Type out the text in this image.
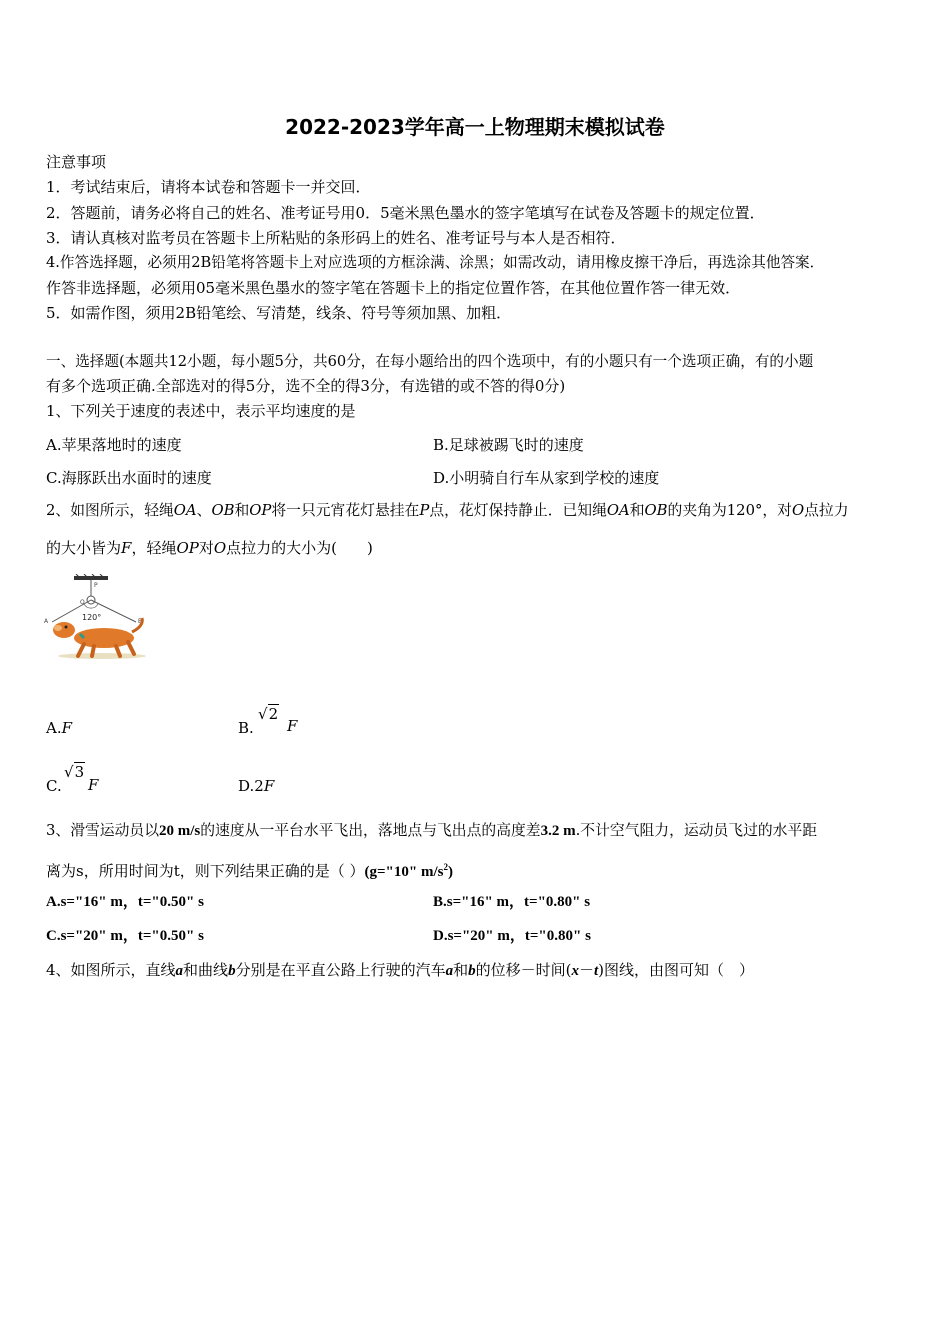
2022-2023学年高一上物理期末模拟试卷
注意事项
1．考试结束后，请将本试卷和答题卡一并交回．
2．答题前，请务必将自己的姓名、准考证号用0．5毫米黑色墨水的签字笔填写在试卷及答题卡的规定位置．
3．请认真核对监考员在答题卡上所粘贴的条形码上的姓名、准考证号与本人是否相符．
4.作答选择题，必须用2B铅笔将答题卡上对应选项的方框涂满、涂黑；如需改动，请用橡皮擦干净后，再选涂其他答案．
作答非选择题，必须用05毫米黑色墨水的签字笔在答题卡上的指定位置作答，在其他位置作答一律无效．
5．如需作图，须用2B铅笔绘、写清楚，线条、符号等须加黑、加粗．
一、选择题(本题共12小题，每小题5分，共60分，在每小题给出的四个选项中，有的小题只有一个选项正确，有的小题
有多个选项正确.全部选对的得5分，选不全的得3分，有选错的或不答的得0分)
1、下列关于速度的表述中，表示平均速度的是
A.苹果落地时的速度	B.足球被踢飞时的速度
C.海豚跃出水面时的速度	D.小明骑自行车从家到学校的速度
2、如图所示，轻绳OA、OB和OP将一只元宵花灯悬挂在P点，花灯保持静止．已知绳OA和OB的夹角为120°，对O点拉力
的大小皆为F，轻绳OP对O点拉力的大小为(　　)
P
O
120°
A	B
A.F	B.
√2
F
C.
√3
F	D.2F
3、滑雪运动员以20 m/s的速度从一平台水平飞出，落地点与飞出点的高度差3.2 m.不计空气阻力，运动员飞过的水平距
离为s，所用时间为t，则下列结果正确的是（ ）(g="10" $m/s^2$)
A.s="16" m，t="0.50" s	B.s="16" m，t="0.80" s
C.s="20" m，t="0.50" s	D.s="20" m，t="0.80" s
4、如图所示，直线a和曲线b分别是在平直公路上行驶的汽车a和b的位移－时间(x－t)图线，由图可知（　）
